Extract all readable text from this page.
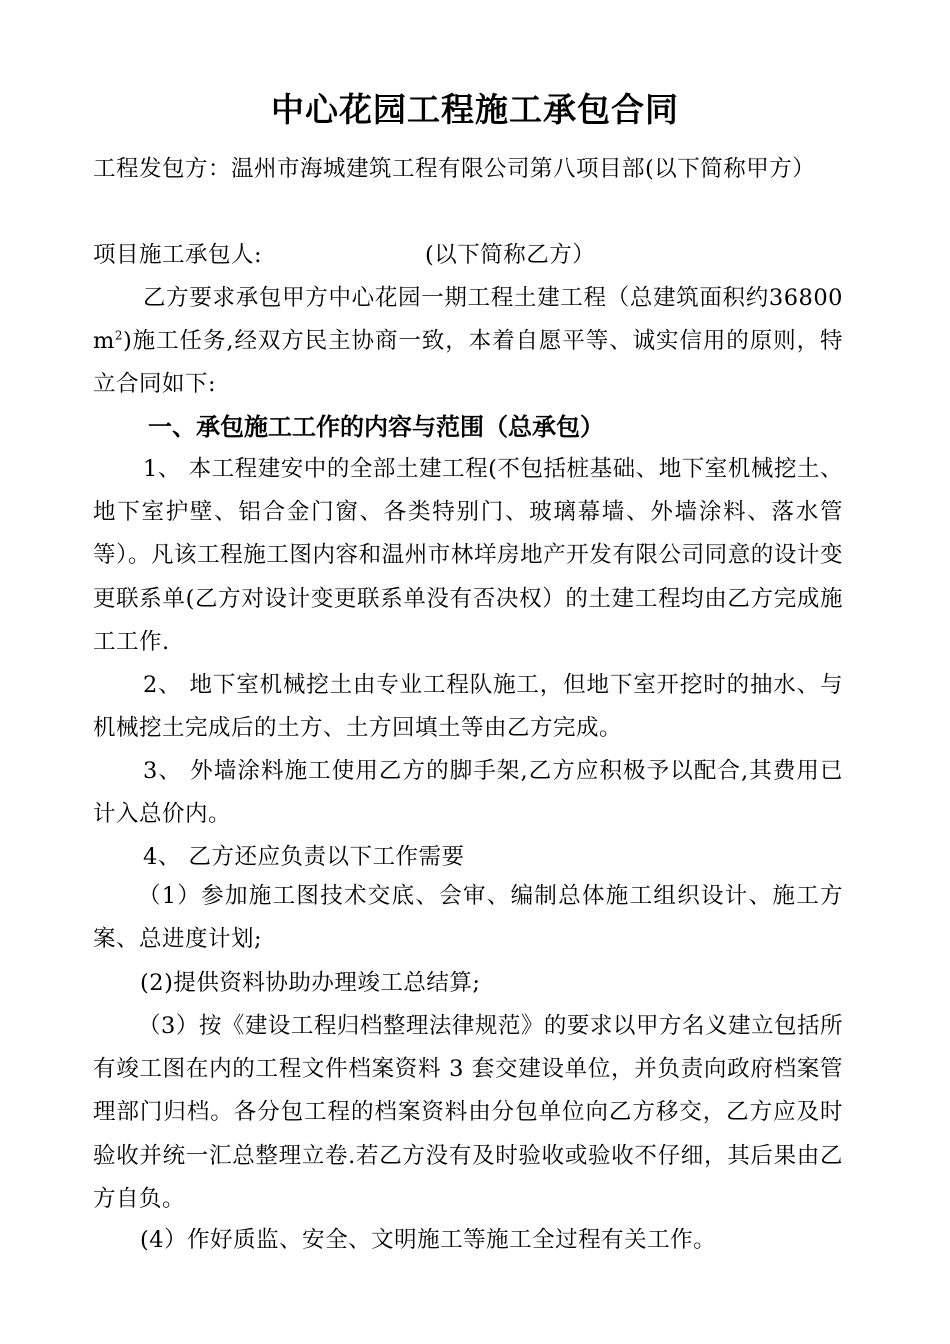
中心花园工程施工承包合同
工程发包方：温州市海城建筑工程有限公司第八项目部(以下简称甲方）
项目施工承包人:	(以下简称乙方）
乙方要求承包甲方中心花园一期工程土建工程（总建筑面积约$36800m^2$)施工任务,经双方民主协商一致，本着自愿平等、诚实信用的原则，特立合同如下:
一、承包施工工作的内容与范围（总承包）
1、 本工程建安中的全部土建工程(不包括桩基础、地下室机械挖土、地下室护壁、铝合金门窗、各类特别门、玻璃幕墙、外墙涂料、落水管等）。凡该工程施工图内容和温州市林垟房地产开发有限公司同意的设计变更联系单(乙方对设计变更联系单没有否决权）的土建工程均由乙方完成施工工作.
2、 地下室机械挖土由专业工程队施工，但地下室开挖时的抽水、与机械挖土完成后的土方、土方回填土等由乙方完成。
3、 外墙涂料施工使用乙方的脚手架,乙方应积极予以配合,其费用已计入总价内。
4、 乙方还应负责以下工作需要
（1）参加施工图技术交底、会审、编制总体施工组织设计、施工方案、总进度计划;
(2)提供资料协助办理竣工总结算;
（3）按《建设工程归档整理法律规范》的要求以甲方名义建立包括所有竣工图在内的工程文件档案资料 3 套交建设单位，并负责向政府档案管理部门归档。各分包工程的档案资料由分包单位向乙方移交，乙方应及时验收并统一汇总整理立卷.若乙方没有及时验收或验收不仔细，其后果由乙方自负。
(4）作好质监、安全、文明施工等施工全过程有关工作。
